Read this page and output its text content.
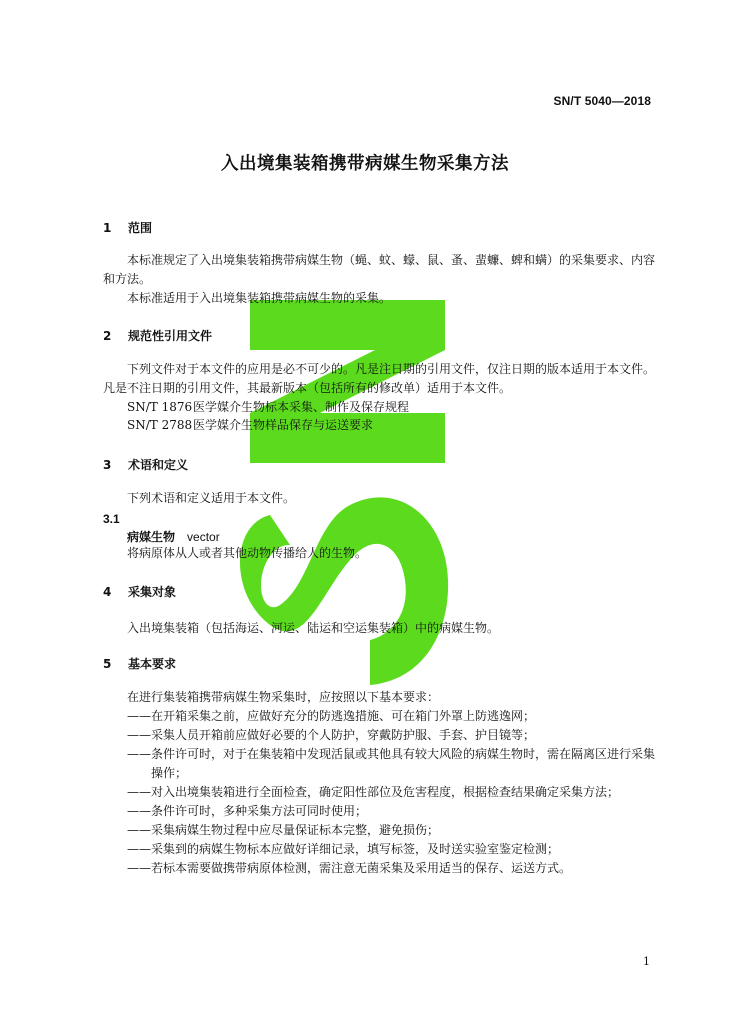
SN/T 5040—2018
入出境集装箱携带病媒生物采集方法
1 范围
本标准规定了入出境集装箱携带病媒生物（蝇、蚊、蠓、鼠、蚤、蜚蠊、蜱和螨）的采集要求、内容和方法。
本标准适用于入出境集装箱携带病媒生物的采集。
2 规范性引用文件
下列文件对于本文件的应用是必不可少的。凡是注日期的引用文件，仅注日期的版本适用于本文件。凡是不注日期的引用文件，其最新版本（包括所有的修改单）适用于本文件。
SN/T 1876医学媒介生物标本采集、制作及保存规程
SN/T 2788医学媒介生物样品保存与运送要求
3 术语和定义
下列术语和定义适用于本文件。
3.1
病媒生物 vector
将病原体从人或者其他动物传播给人的生物。
4 采集对象
入出境集装箱（包括海运、河运、陆运和空运集装箱）中的病媒生物。
5 基本要求
在进行集装箱携带病媒生物采集时，应按照以下基本要求：
——在开箱采集之前，应做好充分的防逃逸措施、可在箱门外罩上防逃逸网；
——采集人员开箱前应做好必要的个人防护，穿戴防护服、手套、护目镜等；
——条件许可时，对于在集装箱中发现活鼠或其他具有较大风险的病媒生物时，需在隔离区进行采集操作；
——对入出境集装箱进行全面检查，确定阳性部位及危害程度，根据检查结果确定采集方法；
——条件许可时，多种采集方法可同时使用；
——采集病媒生物过程中应尽量保证标本完整，避免损伤；
——采集到的病媒生物标本应做好详细记录，填写标签，及时送实验室鉴定检测；
——若标本需要做携带病原体检测，需注意无菌采集及采用适当的保存、运送方式。
1
